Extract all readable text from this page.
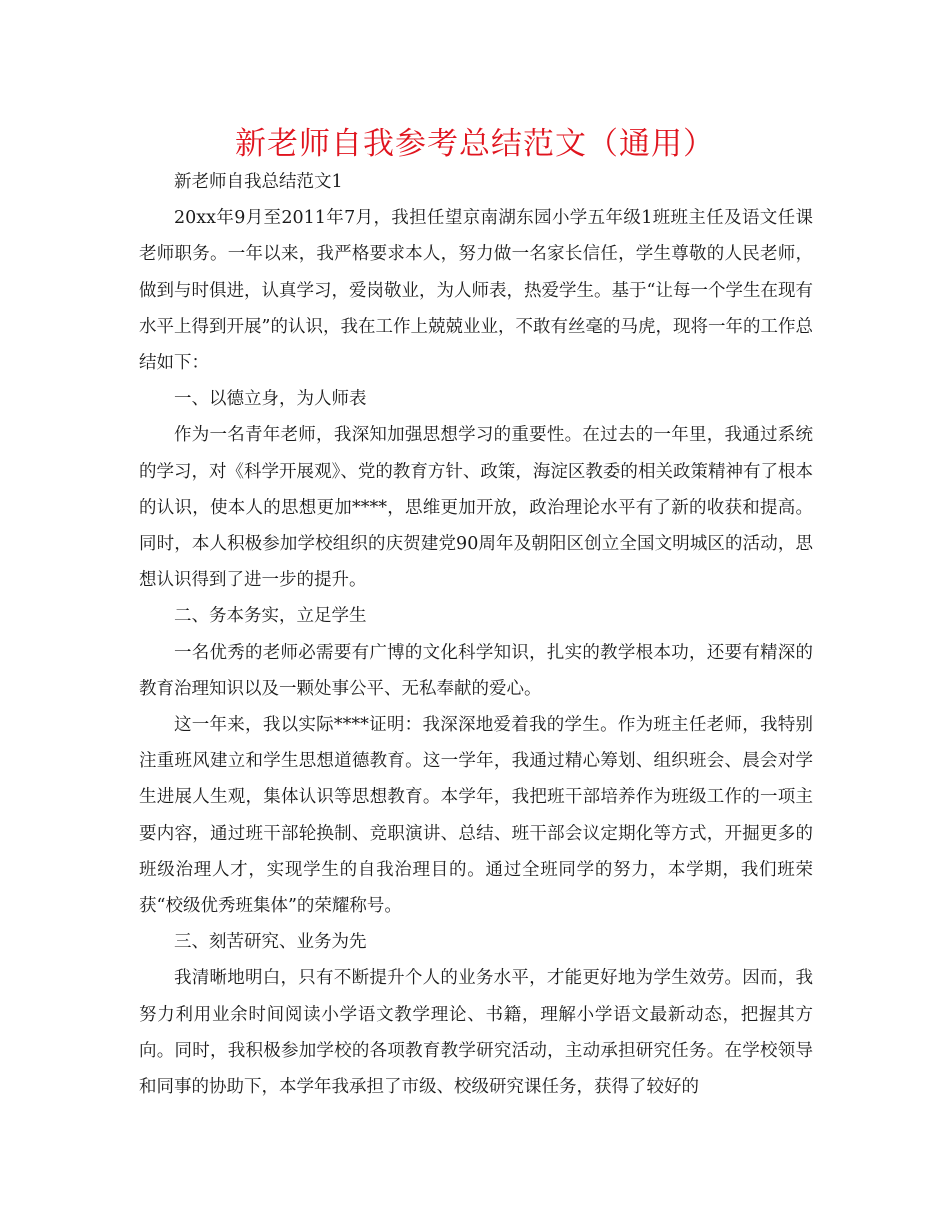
新老师自我参考总结范文（通用）

新老师自我总结范文1

20xx年9月至2011年7月，我担任望京南湖东园小学五年级1班班主任及语文任课老师职务。一年以来，我严格要求本人，努力做一名家长信任，学生尊敬的人民老师，做到与时俱进，认真学习，爱岗敬业，为人师表，热爱学生。基于“让每一个学生在现有水平上得到开展”的认识，我在工作上兢兢业业，不敢有丝毫的马虎，现将一年的工作总结如下：

一、以德立身，为人师表

作为一名青年老师，我深知加强思想学习的重要性。在过去的一年里，我通过系统的学习，对《科学开展观》、党的教育方针、政策，海淀区教委的相关政策精神有了根本的认识，使本人的思想更加****，思维更加开放，政治理论水平有了新的收获和提高。同时，本人积极参加学校组织的庆贺建党90周年及朝阳区创立全国文明城区的活动，思想认识得到了进一步的提升。

二、务本务实，立足学生

一名优秀的老师必需要有广博的文化科学知识，扎实的教学根本功，还要有精深的教育治理知识以及一颗处事公平、无私奉献的爱心。

这一年来，我以实际****证明：我深深地爱着我的学生。作为班主任老师，我特别注重班风建立和学生思想道德教育。这一学年，我通过精心筹划、组织班会、晨会对学生进展人生观，集体认识等思想教育。本学年，我把班干部培养作为班级工作的一项主要内容，通过班干部轮换制、竞职演讲、总结、班干部会议定期化等方式，开掘更多的班级治理人才，实现学生的自我治理目的。通过全班同学的努力，本学期，我们班荣获“校级优秀班集体”的荣耀称号。

三、刻苦研究、业务为先

我清晰地明白，只有不断提升个人的业务水平，才能更好地为学生效劳。因而，我努力利用业余时间阅读小学语文教学理论、书籍，理解小学语文最新动态，把握其方向。同时，我积极参加学校的各项教育教学研究活动，主动承担研究任务。在学校领导和同事的协助下，本学年我承担了市级、校级研究课任务，获得了较好的
